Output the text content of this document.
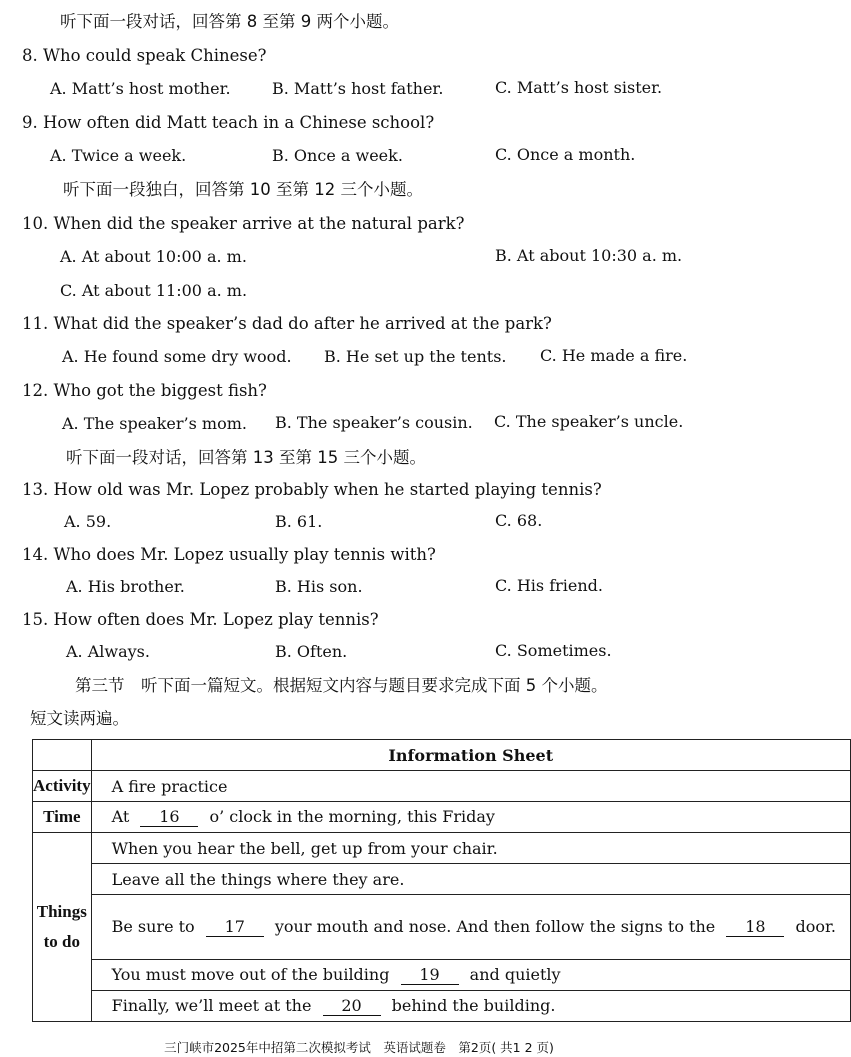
听下面一段对话，回答第 8 至第 9 两个小题。
8. Who could speak Chinese?
A. Matt’s host mother.	B. Matt’s host father.	C. Matt’s host sister.
9. How often did Matt teach in a Chinese school?
A. Twice a week.	B. Once a week.	C. Once a month.
听下面一段独白，回答第 10 至第 12 三个小题。
10. When did the speaker arrive at the natural park?
A. At about 10:00 a. m.	B. At about 10:30 a. m.
C. At about 11:00 a. m.
11. What did the speaker’s dad do after he arrived at the park?
A. He found some dry wood. B. He set up the tents. C. He made a fire.
12. Who got the biggest fish?
A. The speaker’s mom. B. The speaker’s cousin. C. The speaker’s uncle.
听下面一段对话，回答第 13 至第 15 三个小题。
13. How old was Mr. Lopez probably when he started playing tennis?
A. 59.	B. 61.	C. 68.
14. Who does Mr. Lopez usually play tennis with?
A. His brother.	B. His son.	C. His friend.
15. How often does Mr. Lopez play tennis?
A. Always.	B. Often.	C. Sometimes.
第三节　听下面一篇短文。根据短文内容与题目要求完成下面 5 个小题。
短文读两遍。
	Information Sheet
Activity	A fire practice
Time	At 16 o’ clock in the morning, this Friday

Things
to do	When you hear the bell, get up from your chair.
	Leave all the things where they are.
	Be sure to 17 your mouth and nose. And then follow the signs to the 18 door.
	You must move out of the building 19 and quietly
	Finally, we’ll meet at the 20 behind the building.
三门峡市2025年中招第二次模拟考试　英语试题卷　第2页( 共1 2 页)
